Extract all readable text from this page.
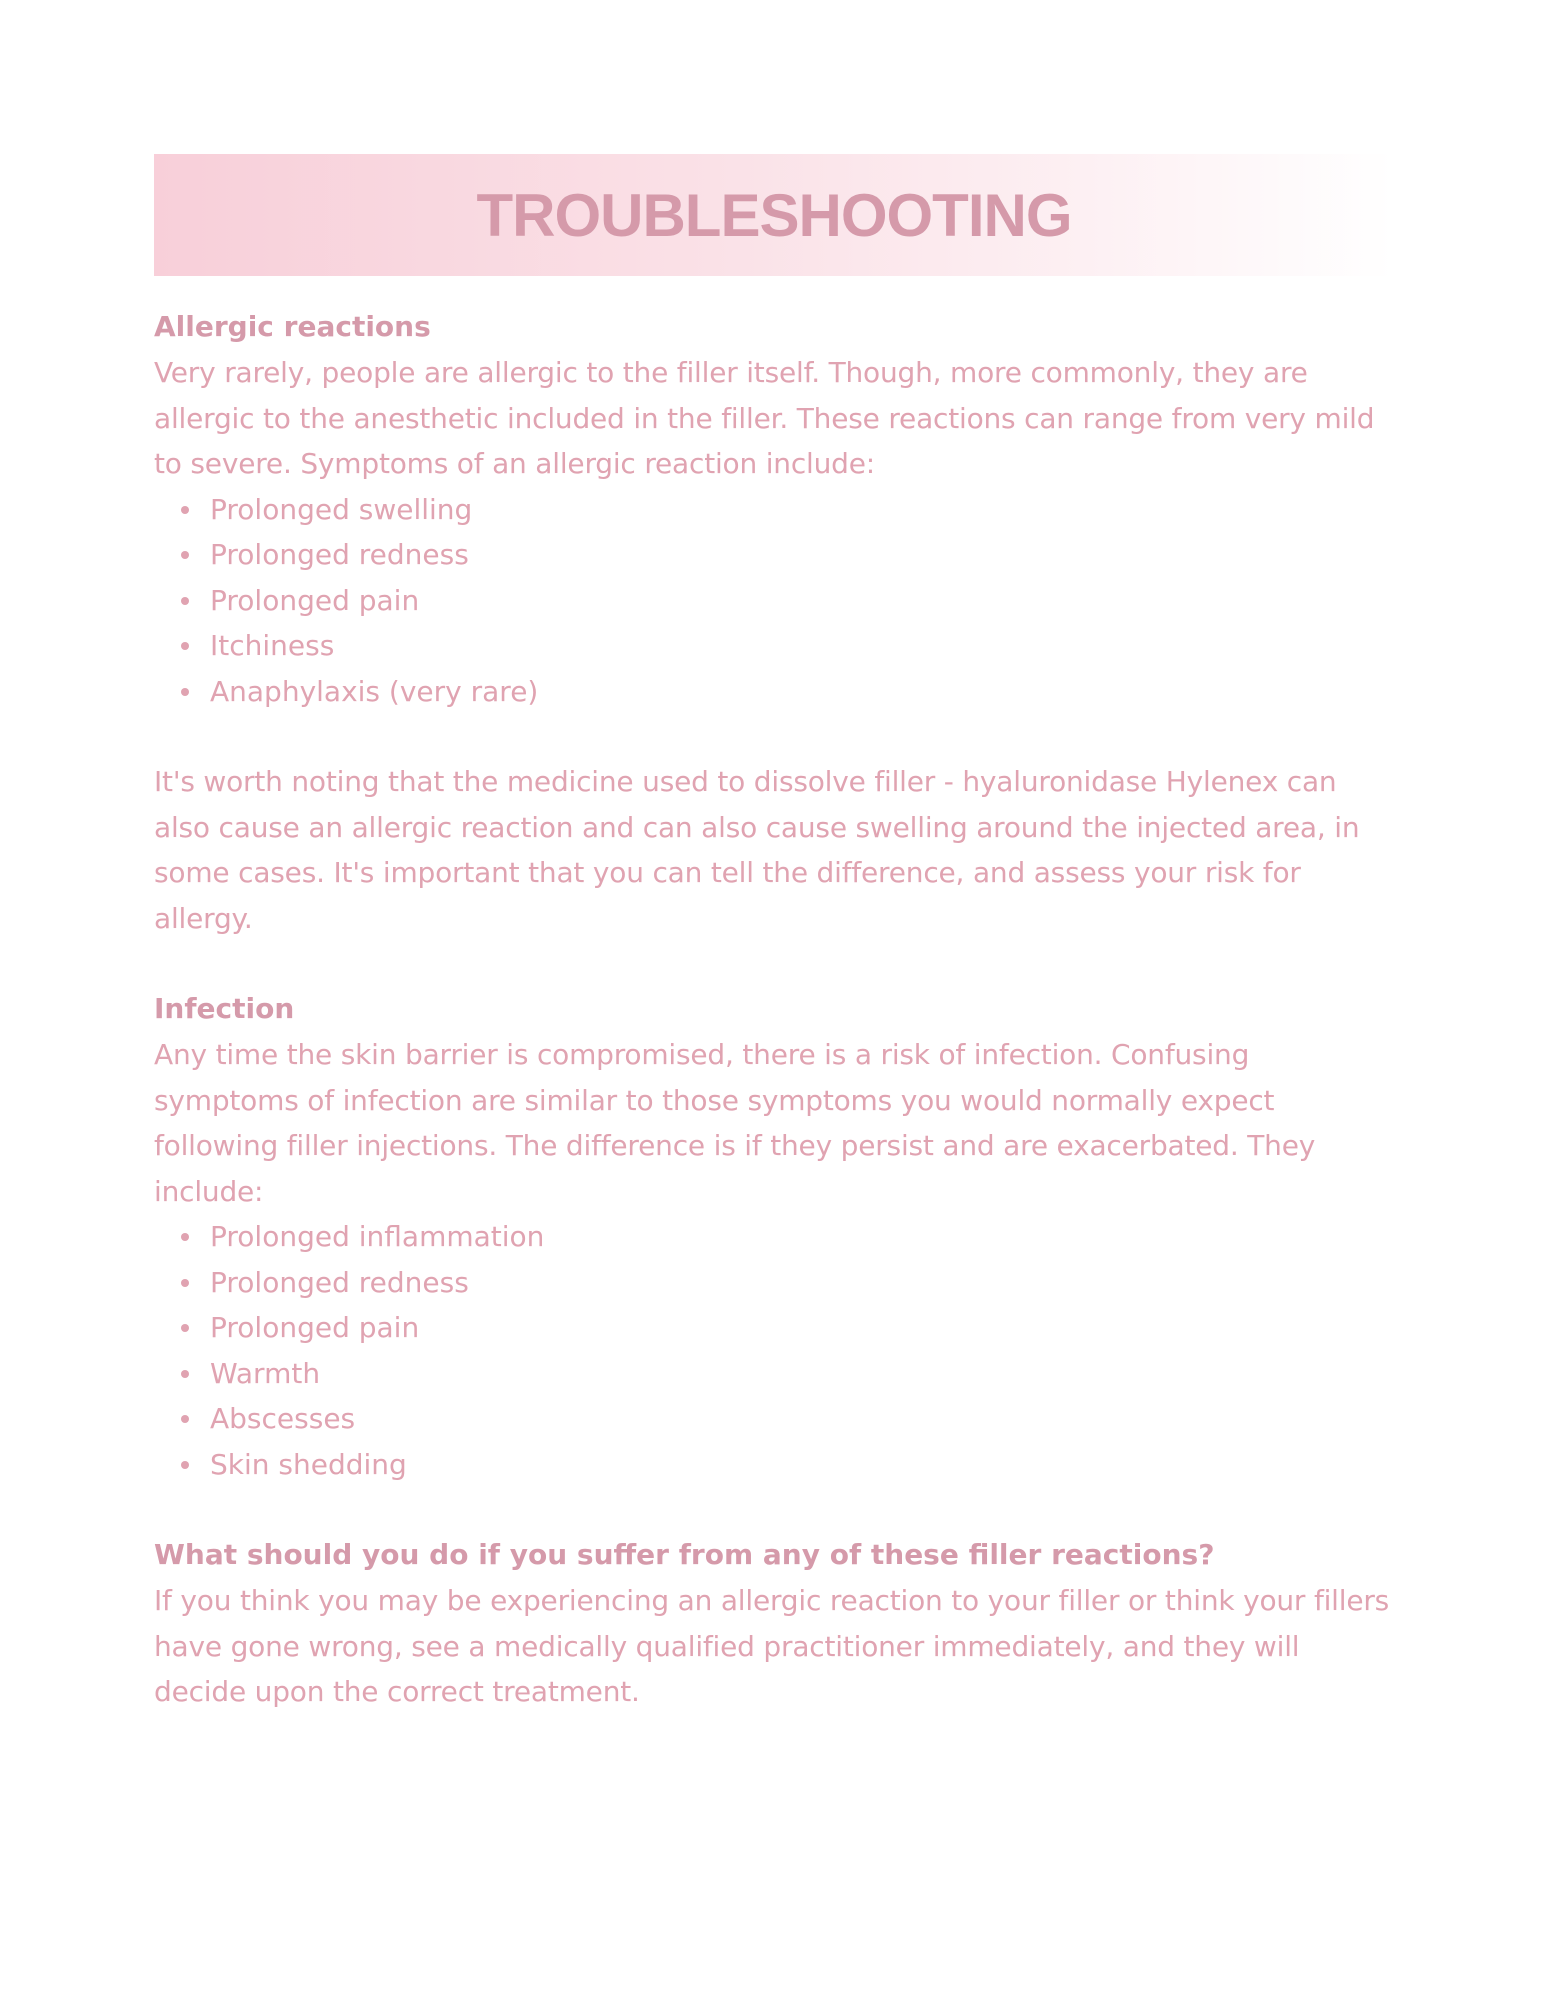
TROUBLESHOOTING
Allergic reactions

Very rarely, people are allergic to the filler itself. Though, more commonly, they are allergic to the anesthetic included in the filler. These reactions can range from very mild to severe. Symptoms of an allergic reaction include:

Prolonged swelling
Prolonged redness
Prolonged pain
Itchiness
Anaphylaxis (very rare)

It's worth noting that the medicine used to dissolve filler - hyaluronidase Hylenex can also cause an allergic reaction and can also cause swelling around the injected area, in some cases. It's important that you can tell the difference, and assess your risk for allergy.

Infection

Any time the skin barrier is compromised, there is a risk of infection. Confusing symptoms of infection are similar to those symptoms you would normally expect following filler injections. The difference is if they persist and are exacerbated. They include:

Prolonged inflammation
Prolonged redness
Prolonged pain
Warmth
Abscesses
Skin shedding
What should you do if you suffer from any of these filler reactions?

If you think you may be experiencing an allergic reaction to your filler or think your fillers have gone wrong, see a medically qualified practitioner immediately, and they will decide upon the correct treatment.
